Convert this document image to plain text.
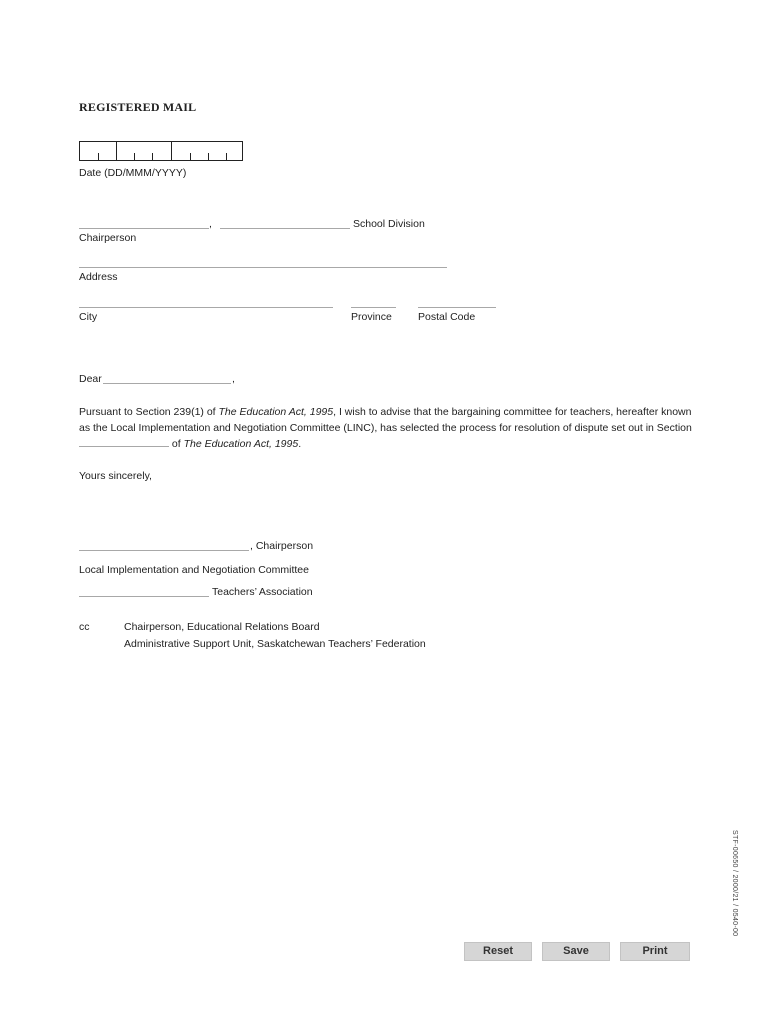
REGISTERED MAIL
Date (DD/MMM/YYYY)
,	School Division
Chairperson
Address
City	Province Postal Code
Dear	,
Pursuant to Section 239(1) of The Education Act, 1995, I wish to advise that the bargaining committee for teachers, hereafter known as the Local Implementation and Negotiation Committee (LINC), has selected the process for resolution of dispute set out in Section  of The Education Act, 1995.
Yours sincerely,
, Chairperson
Local Implementation and Negotiation Committee
Teachers’ Association
cc	Chairperson, Educational Relations Board
Administrative Support Unit, Saskatchewan Teachers’ Federation
STF-00650 / 2000/21 / 0540-00
Reset	Save	Print
